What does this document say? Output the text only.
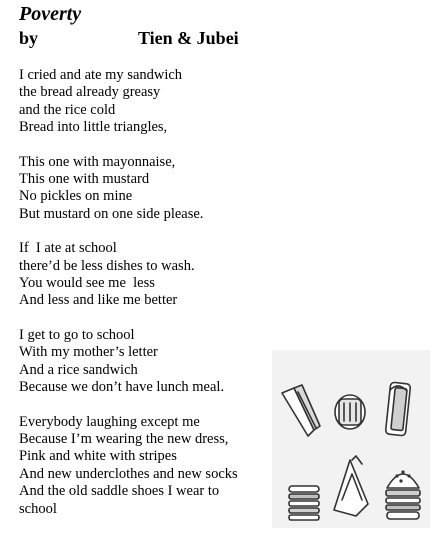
Poverty
by	Tien & Jubei
I cried and ate my sandwich
the bread already greasy
and the rice cold
Bread into little triangles,
This one with mayonnaise,
This one with mustard
No pickles on mine
But mustard on one side please.
If  I ate at school
there’d be less dishes to wash.
You would see me  less
And less and like me better
I get to go to school
With my mother’s letter
And a rice sandwich
Because we don’t have lunch meal.
Everybody laughing except me
Because I’m wearing the new dress,
Pink and white with stripes
And new underclothes and new socks
And the old saddle shoes I wear to
school
